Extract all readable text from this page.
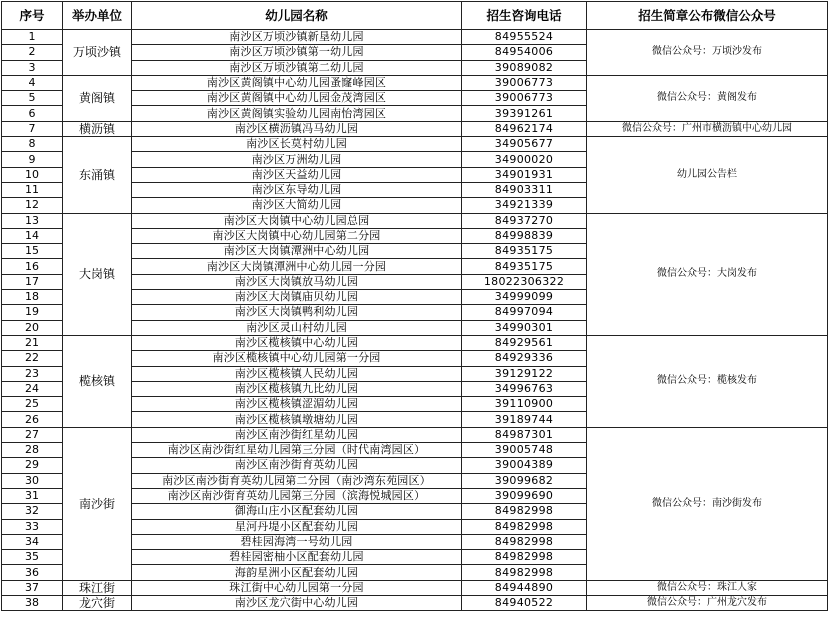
序号	举办单位	幼儿园名称	招生咨询电话	招生简章公布微信公众号
1	万顷沙镇	南沙区万顷沙镇新垦幼儿园	84955524	微信公众号：万顷沙发布
2		南沙区万顷沙镇第一幼儿园	84954006	
3		南沙区万顷沙镇第二幼儿园	39089082	
4	黄阁镇	南沙区黄阁镇中心幼儿园蚤窿峰园区	39006773	微信公众号：黄阁发布
5		南沙区黄阁镇中心幼儿园金茂湾园区	39006773	
6		南沙区黄阁镇实验幼儿园南怡湾园区	39391261	
7	横沥镇	南沙区横沥镇冯马幼儿园	84962174	微信公众号：广州市横沥镇中心幼儿园
8	东涌镇	南沙区长莫村幼儿园	34905677	幼儿园公告栏
9		南沙区万洲幼儿园	34900020	
10		南沙区天益幼儿园	34901931	
11		南沙区东导幼儿园	84903311	
12		南沙区大简幼儿园	34921339	
13	大岗镇	南沙区大岗镇中心幼儿园总园	84937270	微信公众号：大岗发布
14		南沙区大岗镇中心幼儿园第二分园	84998839	
15		南沙区大岗镇潭洲中心幼儿园	84935175	
16		南沙区大岗镇潭洲中心幼儿园一分园	84935175	
17		南沙区大岗镇放马幼儿园	18022306322	
18		南沙区大岗镇庙贝幼儿园	34999099	
19		南沙区大岗镇鸭利幼儿园	84997094	
20		南沙区灵山村幼儿园	34990301	
21	榄核镇	南沙区榄核镇中心幼儿园	84929561	微信公众号：榄核发布
22		南沙区榄核镇中心幼儿园第一分园	84929336	
23		南沙区榄核镇人民幼儿园	39129122	
24		南沙区榄核镇九比幼儿园	34996763	
25		南沙区榄核镇涩湄幼儿园	39110900	
26		南沙区榄核镇墩塘幼儿园	39189744	
27	南沙街	南沙区南沙街红星幼儿园	84987301	微信公众号：南沙街发布
28		南沙区南沙街红星幼儿园第三分园（时代南湾园区）	39005748	
29		南沙区南沙街育英幼儿园	39004389	
30		南沙区南沙街育英幼儿园第二分园（南沙湾东苑园区）	39099682	
31		南沙区南沙街育英幼儿园第三分园（滨海悦城园区）	39099690	
32		御海山庄小区配套幼儿园	84982998	
33		星河丹堤小区配套幼儿园	84982998	
34		碧桂园海湾一号幼儿园	84982998	
35		碧桂园密柚小区配套幼儿园	84982998	
36		海韵星洲小区配套幼儿园	84982998	
37	珠江街	珠江街中心幼儿园第一分园	84944890	微信公众号：珠江人家
38	龙穴街	南沙区龙穴街中心幼儿园	84940522	微信公众号：广州龙穴发布
